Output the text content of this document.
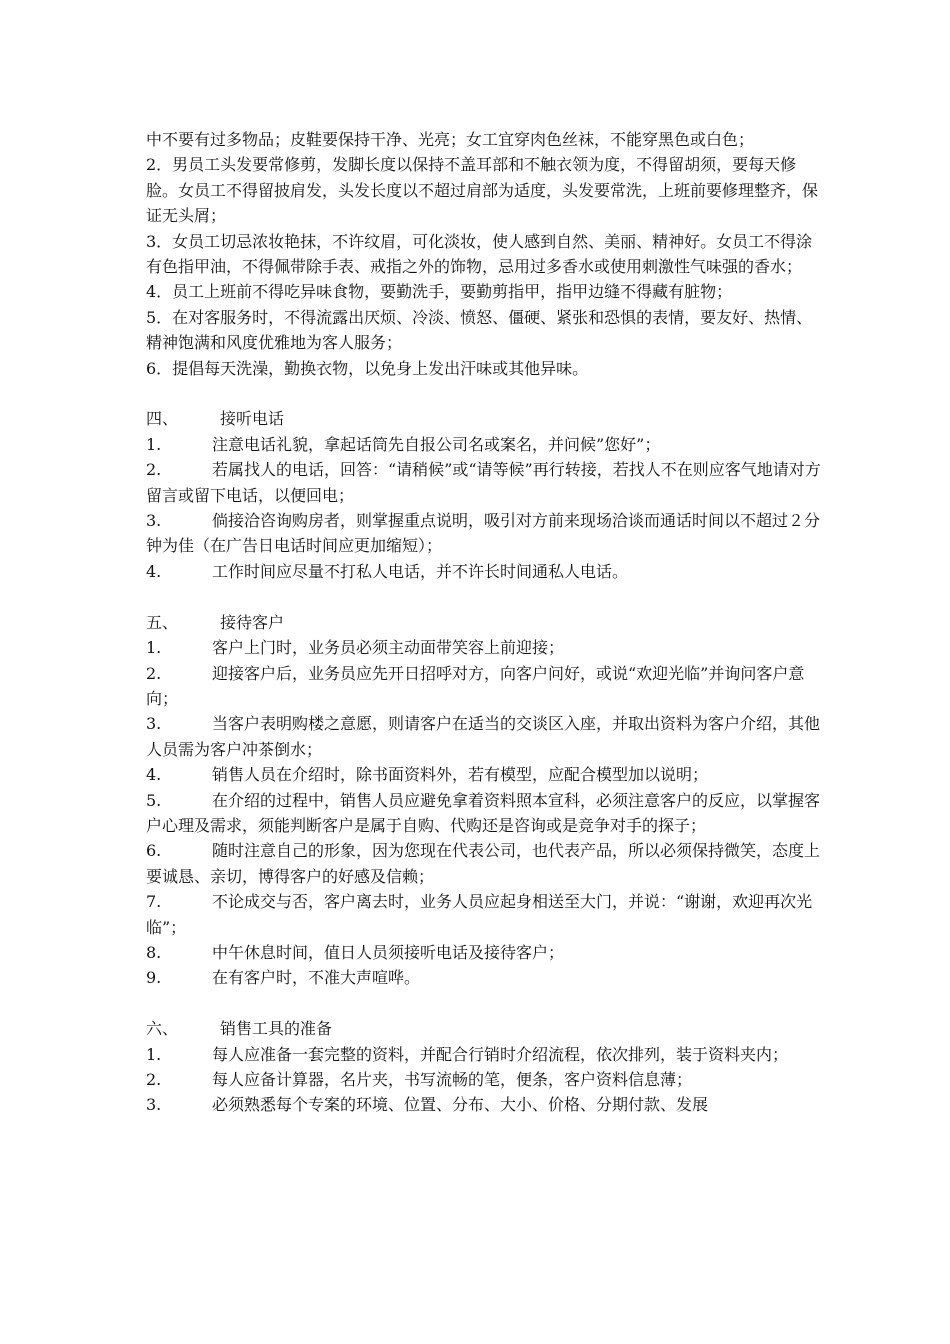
中不要有过多物品；皮鞋要保持干净、光亮；女工宜穿肉色丝袜，不能穿黑色或白色；

2．男员工头发要常修剪，发脚长度以保持不盖耳部和不触衣领为度，不得留胡须，要每天修脸。女员工不得留披肩发，头发长度以不超过肩部为适度，头发要常洗，上班前要修理整齐，保证无头屑；

3．女员工切忌浓妆艳抹，不许纹眉，可化淡妆，使人感到自然、美丽、精神好。女员工不得涂有色指甲油，不得佩带除手表、戒指之外的饰物，忌用过多香水或使用刺激性气味强的香水；

4．员工上班前不得吃异味食物，要勤洗手，要勤剪指甲，指甲边缝不得藏有脏物；

5．在对客服务时，不得流露出厌烦、冷淡、愤怒、僵硬、紧张和恐惧的表情，要友好、热情、精神饱满和风度优雅地为客人服务；

6．提倡每天洗澡，勤换衣物，以免身上发出汗味或其他异味。

四、	接听电话

1.	注意电话礼貌，拿起话筒先自报公司名或案名，并问候”您好”；

2.	若属找人的电话，回答：“请稍候”或“请等候”再行转接，若找人不在则应客气地请对方留言或留下电话，以便回电；

3.	倘接洽咨询购房者，则掌握重点说明，吸引对方前来现场洽谈而通话时间以不超过２分钟为佳（在广告日电话时间应更加缩短）；

4.	工作时间应尽量不打私人电话，并不许长时间通私人电话。

五、	接待客户

1.	客户上门时，业务员必须主动面带笑容上前迎接；

2.	迎接客户后，业务员应先开日招呼对方，向客户问好，或说“欢迎光临”并询问客户意向；

3.	当客户表明购楼之意愿，则请客户在适当的交谈区入座，并取出资料为客户介绍，其他人员需为客户冲茶倒水；

4.	销售人员在介绍时，除书面资料外，若有模型，应配合模型加以说明；

5.	在介绍的过程中，销售人员应避免拿着资料照本宣科，必须注意客户的反应，以掌握客户心理及需求，须能判断客户是属于自购、代购还是咨询或是竞争对手的探子；

6.	随时注意自己的形象，因为您现在代表公司，也代表产品，所以必须保持微笑，态度上要诚恳、亲切，博得客户的好感及信赖；

7.	不论成交与否，客户离去时，业务人员应起身相送至大门，并说：“谢谢，欢迎再次光临”；

8.	中午休息时间，值日人员须接听电话及接待客户；

9.	在有客户时，不准大声喧哗。

六、	销售工具的准备

1.	每人应准备一套完整的资料，并配合行销时介绍流程，依次排列，装于资料夹内；

2.	每人应备计算器，名片夹，书写流畅的笔，便条，客户资料信息薄；

3.	必须熟悉每个专案的环境、位置、分布、大小、价格、分期付款、发展
